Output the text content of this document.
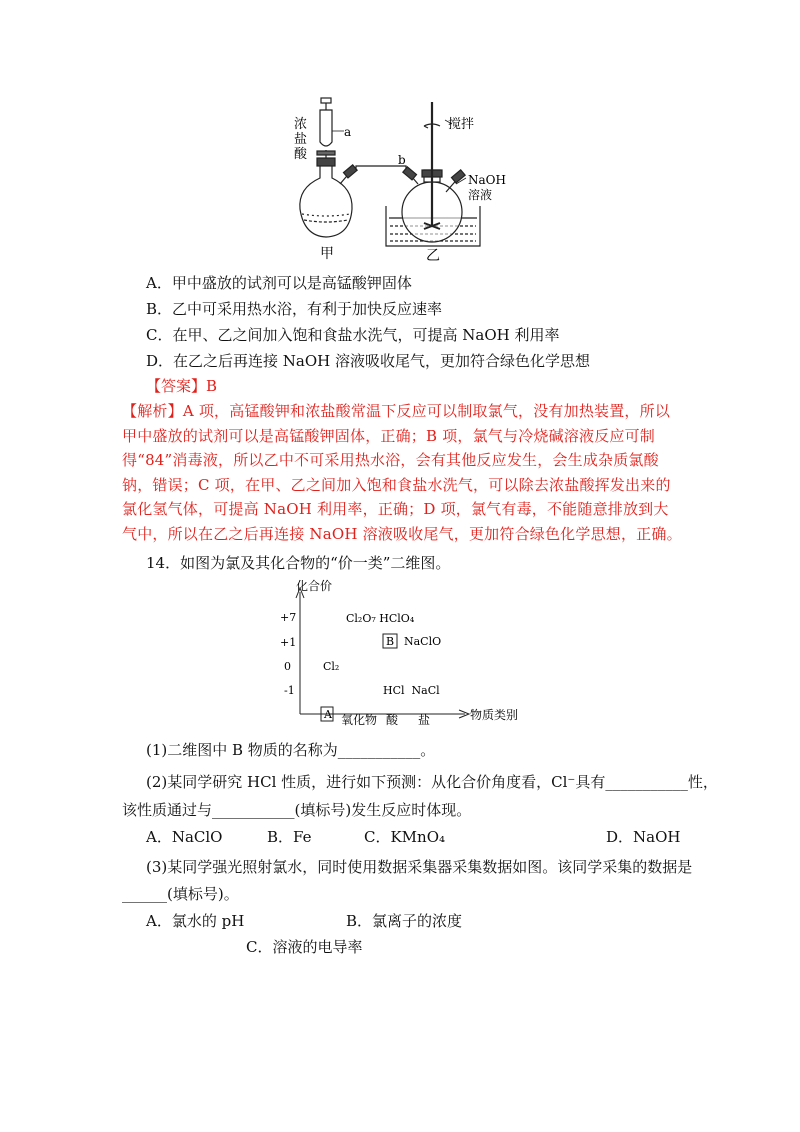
浓
盐
酸
a
b
搅拌
NaOH
溶液
甲	乙
A．甲中盛放的试剂可以是高锰酸钾固体
B．乙中可采用热水浴，有利于加快反应速率
C．在甲、乙之间加入饱和食盐水洗气，可提高 NaOH 利用率
D．在乙之后再连接 NaOH 溶液吸收尾气，更加符合绿色化学思想
【答案】B
【解析】A 项，高锰酸钾和浓盐酸常温下反应可以制取氯气，没有加热装置，所以甲中盛放的试剂可以是高锰酸钾固体，正确；B 项，氯气与冷烧碱溶液反应可制得“84”消毒液，所以乙中不可采用热水浴，会有其他反应发生，会生成杂质氯酸钠，错误；C 项，在甲、乙之间加入饱和食盐水洗气，可以除去浓盐酸挥发出来的氯化氢气体，可提高 NaOH 利用率，正确；D 项，氯气有毒，不能随意排放到大气中，所以在乙之后再连接 NaOH 溶液吸收尾气，更加符合绿色化学思想，正确。
14．如图为氯及其化合物的“价一类”二维图。
化合价
物质类别
+7
+1
0
-1
A 氧化物 酸 盐
Cl₂O₇ HClO₄
B NaClO
Cl₂
HCl  NaCl
(1)二维图中 B 物质的名称为___________。
(2)某同学研究 HCl 性质，进行如下预测：从化合价角度看，Cl⁻具有___________性，
该性质通过与___________(填标号)发生反应时体现。
A．NaClO	B．Fe	C．KMnO₄	D．NaOH
(3)某同学强光照射氯水，同时使用数据采集器采集数据如图。该同学采集的数据是
______(填标号)。
A．氯水的 pH	B．氯离子的浓度
C．溶液的电导率
